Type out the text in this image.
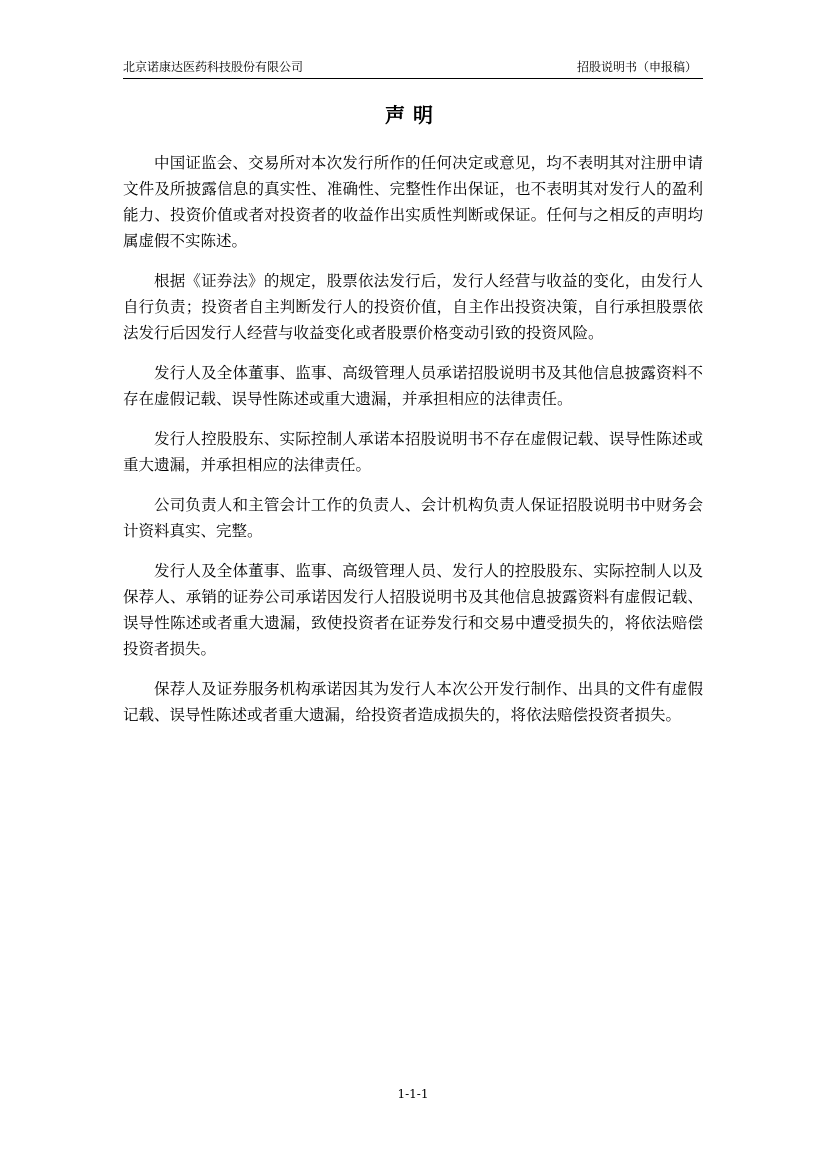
北京诺康达医药科技股份有限公司	招股说明书（申报稿）
声明

中国证监会、交易所对本次发行所作的任何决定或意见，均不表明其对注册申请文件及所披露信息的真实性、准确性、完整性作出保证，也不表明其对发行人的盈利能力、投资价值或者对投资者的收益作出实质性判断或保证。任何与之相反的声明均属虚假不实陈述。

根据《证券法》的规定，股票依法发行后，发行人经营与收益的变化，由发行人自行负责；投资者自主判断发行人的投资价值，自主作出投资决策，自行承担股票依法发行后因发行人经营与收益变化或者股票价格变动引致的投资风险。

发行人及全体董事、监事、高级管理人员承诺招股说明书及其他信息披露资料不存在虚假记载、误导性陈述或重大遗漏，并承担相应的法律责任。

发行人控股股东、实际控制人承诺本招股说明书不存在虚假记载、误导性陈述或重大遗漏，并承担相应的法律责任。

公司负责人和主管会计工作的负责人、会计机构负责人保证招股说明书中财务会计资料真实、完整。

发行人及全体董事、监事、高级管理人员、发行人的控股股东、实际控制人以及保荐人、承销的证券公司承诺因发行人招股说明书及其他信息披露资料有虚假记载、误导性陈述或者重大遗漏，致使投资者在证券发行和交易中遭受损失的，将依法赔偿投资者损失。

保荐人及证券服务机构承诺因其为发行人本次公开发行制作、出具的文件有虚假记载、误导性陈述或者重大遗漏，给投资者造成损失的，将依法赔偿投资者损失。

1-1-1
